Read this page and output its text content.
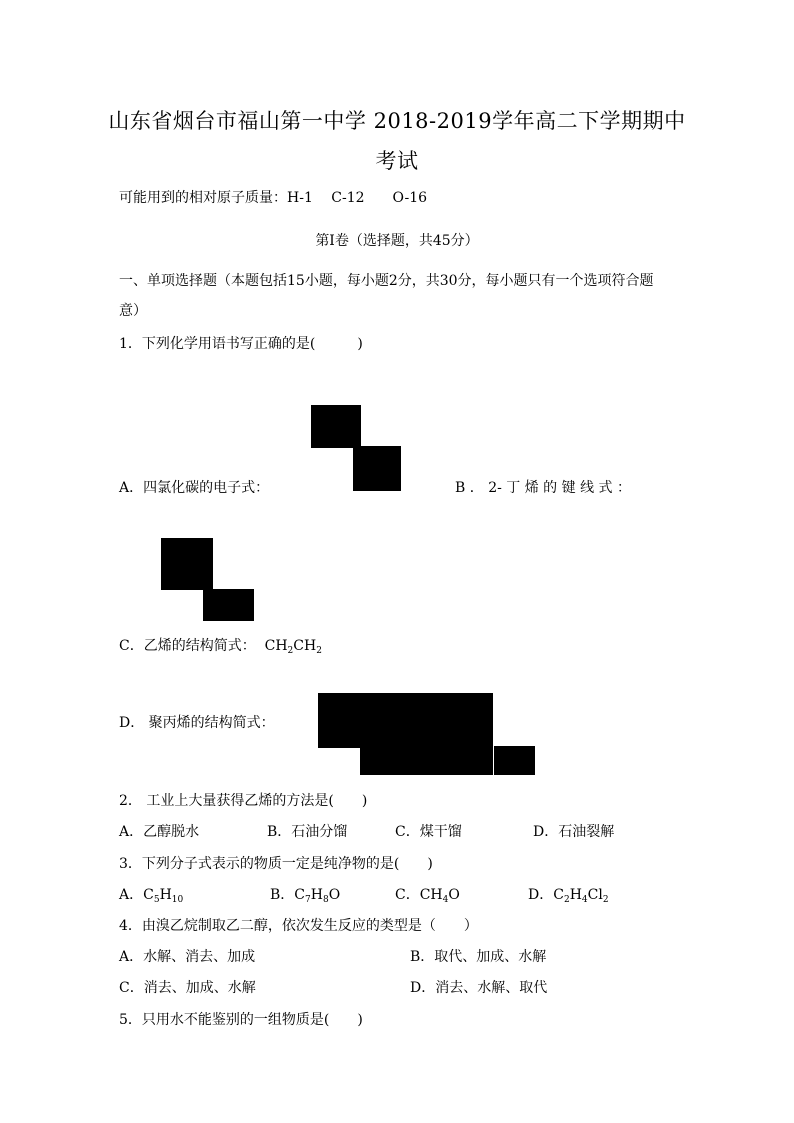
山东省烟台市福山第一中学 2018-2019学年高二下学期期中
考试
可能用到的相对原子质量：H-1　 C-12　　O-16
第Ⅰ卷（选择题，共45分）
一、单项选择题（本题包括15小题，每小题2分，共30分，每小题只有一个选项符合题
意）
1．下列化学用语书写正确的是(　　　)
A．四氯化碳的电子式：	B ． 2- 丁 烯 的 键 线 式 ：
C．乙烯的结构简式： $CH_2CH_2$
D． 聚丙烯的结构简式：
2． 工业上大量获得乙烯的方法是(　　)
A．乙醇脱水	B．石油分馏	C．煤干馏	D．石油裂解
3．下列分子式表示的物质一定是纯净物的是(　　)
A．$C_5H_{10}$	B．$C_7H_8O$	C．$CH_4O$	D．$C_2H_4Cl_2$
4．由溴乙烷制取乙二醇，依次发生反应的类型是（　　）
A．水解、消去、加成	B．取代、加成、水解
C．消去、加成、水解	D．消去、水解、取代
5．只用水不能鉴别的一组物质是(　　)
